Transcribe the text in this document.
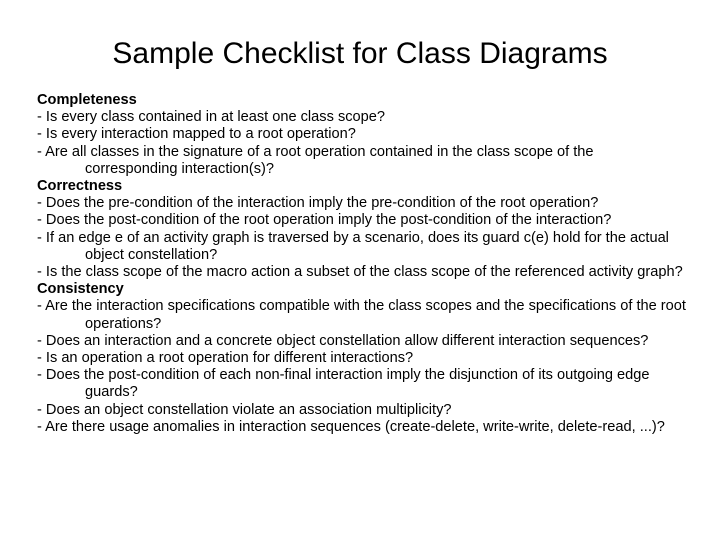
Sample Checklist for Class Diagrams

Completeness

- Is every class contained in at least one class scope?
- Is every interaction mapped to a root operation?
- Are all classes in the signature of a root operation contained in the class scope of the corresponding interaction(s)?

Correctness

- Does the pre-condition of the interaction imply the pre-condition of the root operation?
- Does the post-condition of the root operation imply the post-condition of the interaction?
- If an edge e of an activity graph is traversed by a scenario, does its guard c(e) hold for the actual object constellation?
- Is the class scope of the macro action a subset of the class scope of the referenced activity graph?

Consistency

- Are the interaction specifications compatible with the class scopes and the specifications of the root operations?
- Does an interaction and a concrete object constellation allow different interaction sequences?
- Is an operation a root operation for different interactions?
- Does the post-condition of each non-final interaction imply the disjunction of its outgoing edge guards?
- Does an object constellation violate an association multiplicity?
- Are there usage anomalies in interaction sequences (create-delete, write-write, delete-read, ...)?
